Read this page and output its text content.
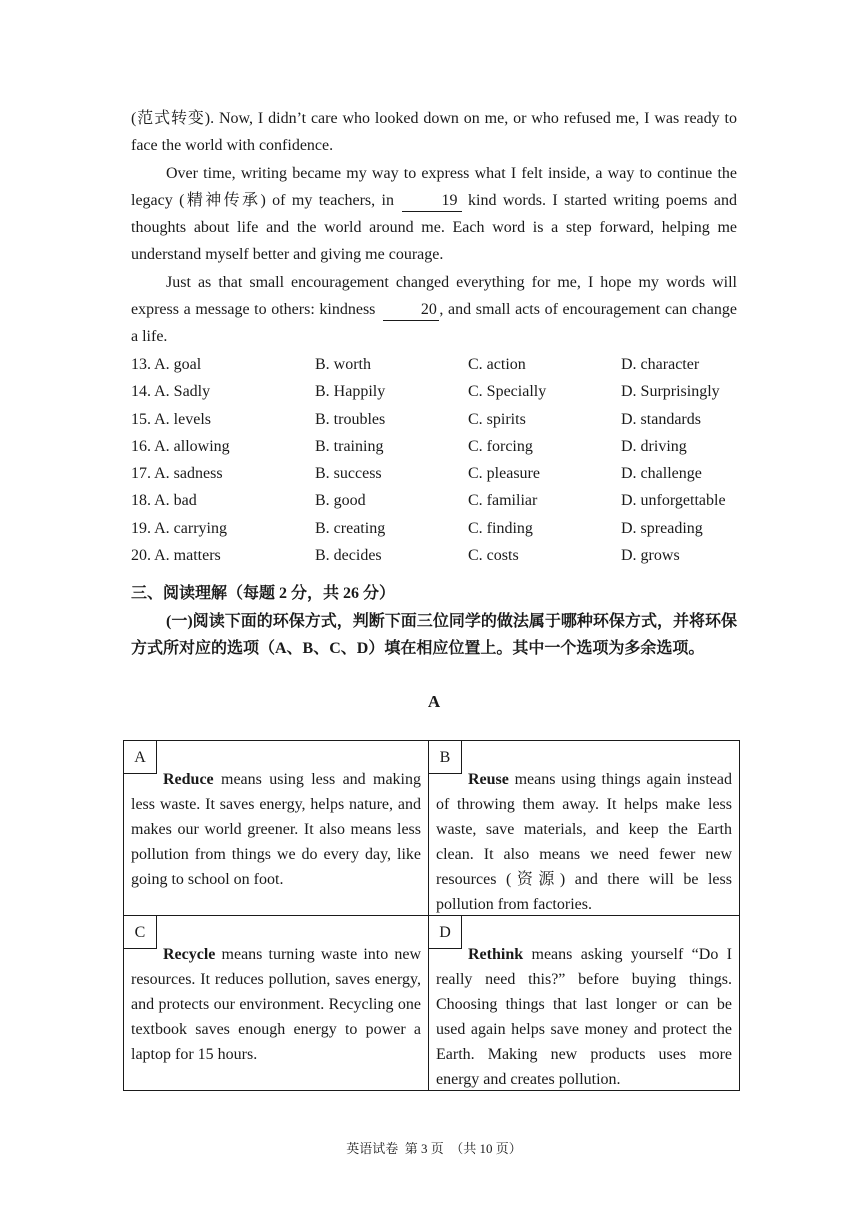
(范式转变). Now, I didn’t care who looked down on me, or who refused me, I was ready to face the world with confidence.

Over time, writing became my way to express what I felt inside, a way to continue the legacy (精神传承) of my teachers, in	19 kind words. I started writing poems and thoughts about life and the world around me. Each word is a step forward, helping me understand myself better and giving me courage.

Just as that small encouragement changed everything for me, I hope my words will express a message to others: kindness	20 , and small acts of encouragement can change a life.

13. A. goal	B. worth	C. action	D. character
14. A. Sadly	B. Happily	C. Specially	D. Surprisingly
15. A. levels	B. troubles	C. spirits	D. standards
16. A. allowing	B. training	C. forcing	D. driving
17. A. sadness	B. success	C. pleasure	D. challenge
18. A. bad	B. good	C. familiar	D. unforgettable
19. A. carrying	B. creating	C. finding	D. spreading
20. A. matters	B. decides	C. costs	D. grows
三、阅读理解（每题 2 分，共 26 分）

(一)阅读下面的环保方式，判断下面三位同学的做法属于哪种环保方式，并将环保方式所对应的选项（A、B、C、D）填在相应位置上。其中一个选项为多余选项。

A
A
Reduce means using less and making less waste. It saves energy, helps nature, and makes our world greener. It also means less pollution from things we do every day, like going to school on foot.
B
Reuse means using things again instead of throwing them away. It helps make less waste, save materials, and keep the Earth clean. It also means we need fewer new resources (资源) and there will be less pollution from factories.
C
Recycle means turning waste into new resources. It reduces pollution, saves energy, and protects our environment. Recycling one textbook saves enough energy to power a laptop for 15 hours.
D
Rethink means asking yourself “Do I really need this?” before buying things. Choosing things that last longer or can be used again helps save money and protect the Earth. Making new products uses more energy and creates pollution.
英语试卷  第 3 页  （共 10 页）
